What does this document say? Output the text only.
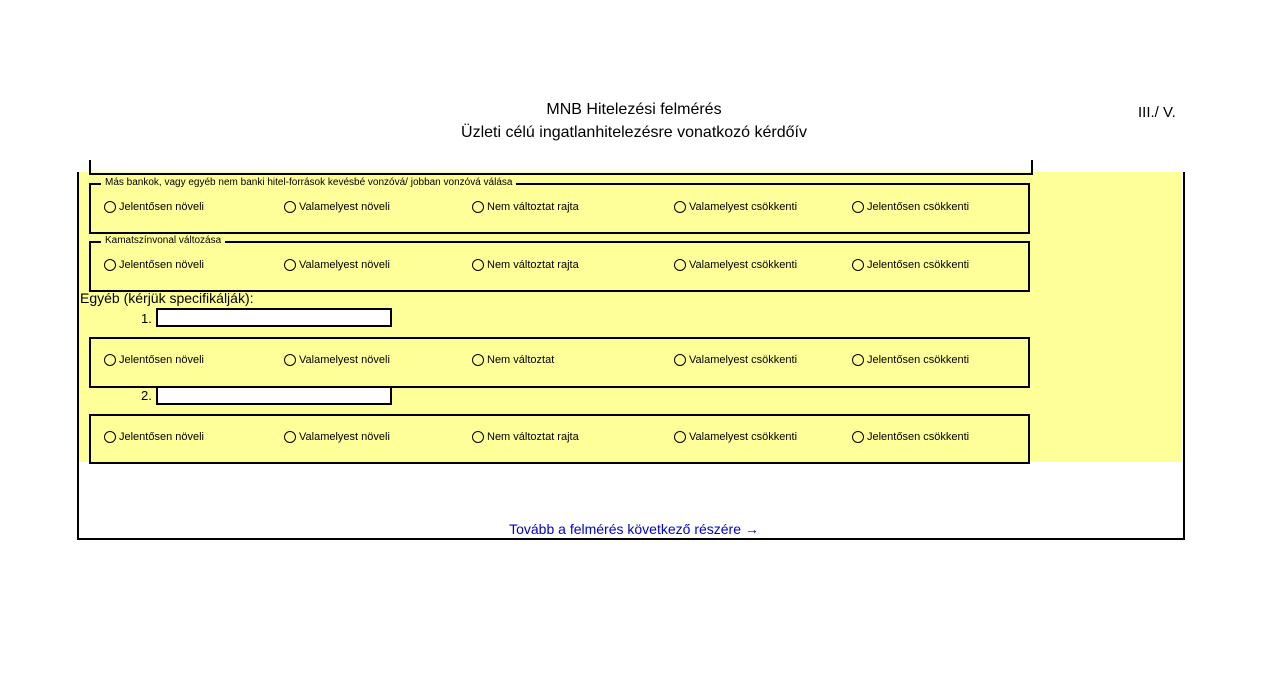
MNB Hitelezési felmérés
Üzleti célú ingatlanhitelezésre vonatkozó kérdőív
III./ V.
Más bankok, vagy egyéb nem banki hitel-források kevésbé vonzóvá/ jobban vonzóvá válása
Jelentősen növeli	Valamelyest növeli	Nem változtat rajta	Valamelyest csökkenti	Jelentősen csökkenti
Kamatszínvonal változása
Jelentősen növeli	Valamelyest növeli	Nem változtat rajta	Valamelyest csökkenti	Jelentősen csökkenti
Egyéb (kérjük specifikálják):
1.
Jelentősen növeli	Valamelyest növeli	Nem változtat	Valamelyest csökkenti	Jelentősen csökkenti
2.
Jelentősen növeli	Valamelyest növeli	Nem változtat rajta	Valamelyest csökkenti	Jelentősen csökkenti
Tovább a felmérés következő részére →
